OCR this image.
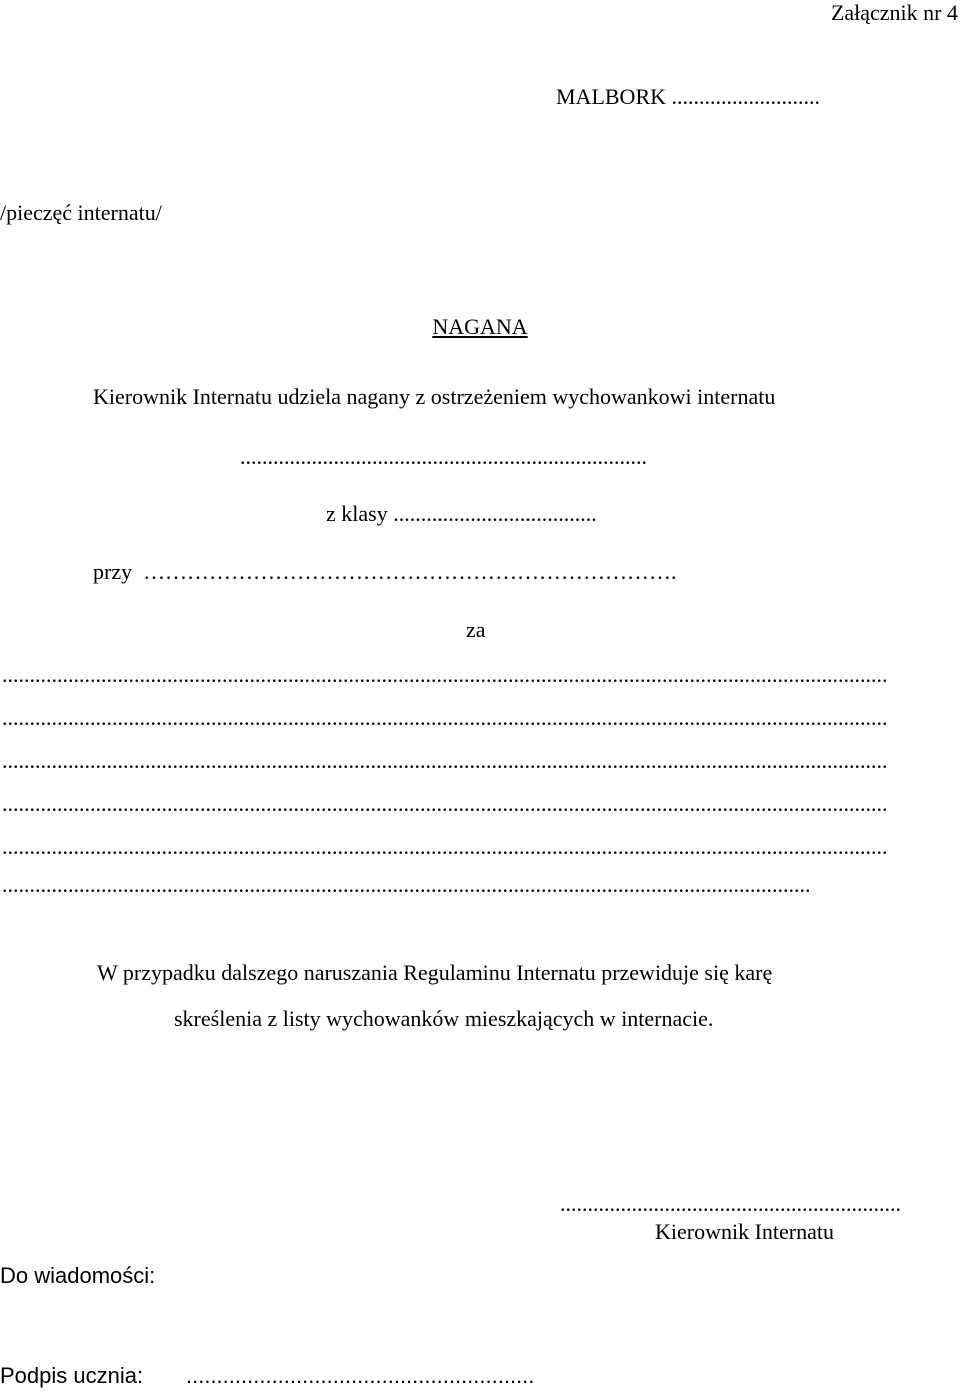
Załącznik nr 4
MALBORK ...........................
/pieczęć internatu/
NAGANA
Kierownik Internatu udziela nagany z ostrzeżeniem wychowankowi internatu
..........................................................................
z klasy .....................................
przy ……………………………………………………………….
za
.................................................................................................................................................................
.................................................................................................................................................................
.................................................................................................................................................................
.................................................................................................................................................................
.................................................................................................................................................................
...................................................................................................................................................
W przypadku dalszego naruszania Regulaminu Internatu przewiduje się karę
skreślenia z listy wychowanków mieszkających w internacie.
..............................................................
Kierownik Internatu
Do wiadomości:
Podpis ucznia: .........................................................
